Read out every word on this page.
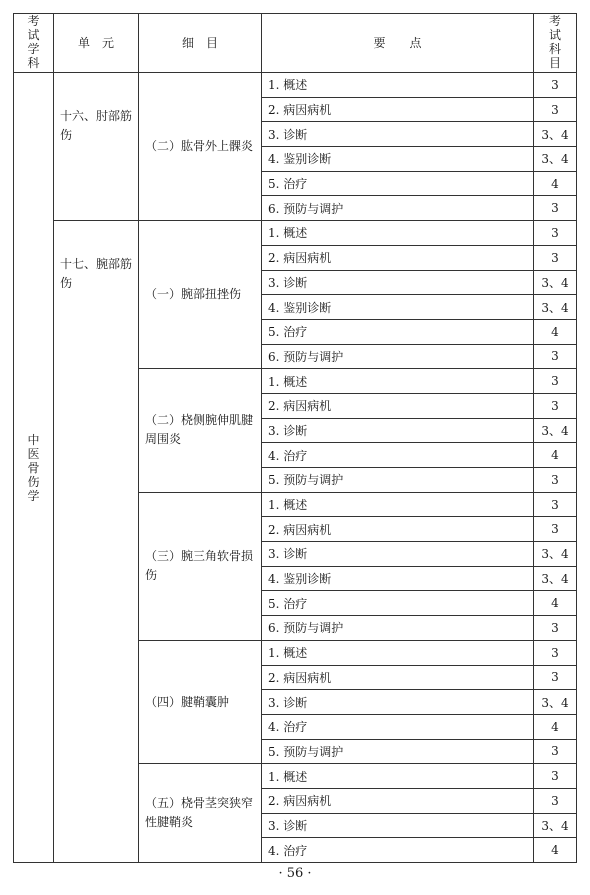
考试学科	单　元	细　目	要　　点	考试科目
中医骨伤学	十六、肘部筋伤	（二）肱骨外上髁炎	1. 概述	3
			2. 病因病机	3
			3. 诊断	3、4
			4. 鉴别诊断	3、4
			5. 治疗	4
			6. 预防与调护	3

	十七、腕部筋伤	（一）腕部扭挫伤	1. 概述	3
			2. 病因病机	3
			3. 诊断	3、4
			4. 鉴别诊断	3、4
			5. 治疗	4
			6. 预防与调护	3
		（二）桡侧腕伸肌腱周围炎	1. 概述	3
			2. 病因病机	3
			3. 诊断	3、4
			4. 治疗	4
			5. 预防与调护	3
		（三）腕三角软骨损伤	1. 概述	3
			2. 病因病机	3
			3. 诊断	3、4
			4. 鉴别诊断	3、4
			5. 治疗	4
			6. 预防与调护	3
		（四）腱鞘囊肿	1. 概述	3
			2. 病因病机	3
			3. 诊断	3、4
			4. 治疗	4
			5. 预防与调护	3
		（五）桡骨茎突狭窄性腱鞘炎	1. 概述	3
			2. 病因病机	3
			3. 诊断	3、4
			4. 治疗	4
· 56 ·
